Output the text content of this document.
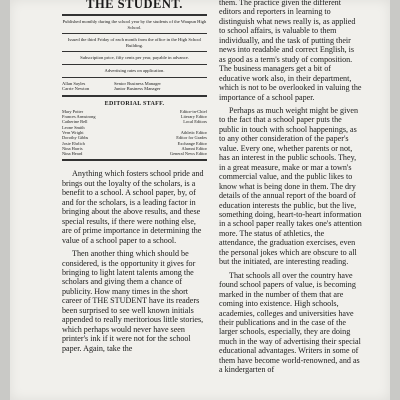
THE STUDENT.
Published monthly during the school year by the students of the Waupun High School.
Issued the third Friday of each month from the office in the High School Building.
Subscription price, fifty cents per year, payable in advance.
Advertising rates on application.
Allan Sayles	Senior Business Manager
Carrie Newton	Junior Business Manager
EDITORIAL STAFF.
Mary Potter	Editor-in-Chief
Frances Armstrong	Literary Editor
Catherine Bell	Local Editors
Leone Smith
Vern Wright	Athletic Editor
Dorothy Gibbs	Editor for Grades
Josie Ehrlich	Exchange Editor
Nina Harris	Alumni Editor
Nina Heard	General News Editor

Anything which fosters school pride and brings out the loyalty of the scholars, is a benefit to a school. A school paper, by, of and for the scholars, is a leading factor in bringing about the above results, and these special results, if there were nothing else, are of prime importance in determining the value of a school paper to a school.

Then another thing which should be considered, is the opportunity it gives for bringing to light latent talents among the scholars and giving them a chance of publicity. How many times in the short career of THE STUDENT have its readers been surprised to see well known initials appended to really meritorious little stories, which perhaps would never have seen printer's ink if it were not for the school paper. Again, take the

them. The practice given the different editors and reporters in learning to distinguish what news really is, as applied to school affairs, is valuable to them individually, and the task of putting their news into readable and correct English, is as good as a term's study of composition. The business managers get a bit of educative work also, in their department, which is not to be overlooked in valuing the importance of a school paper.

Perhaps as much weight might be given to the fact that a school paper puts the public in touch with school happenings, as to any other consideration of the paper's value. Every one, whether parents or not, has an interest in the public schools. They, in a great measure, make or mar a town's commercial value, and the public likes to know what is being done in them. The dry details of the annual report of the board of education interests the public, but the live, something doing, heart-to-heart information in a school paper really takes one's attention more. The status of athletics, the attendance, the graduation exercises, even the personal jokes which are obscure to all but the initiated, are interesting reading.

That schools all over the country have found school papers of value, is becoming marked in the number of them that are coming into existence. High schools, academies, colleges and universities have their publications and in the case of the larger schools, especially, they are doing much in the way of advertising their special educational advantages. Writers in some of them have become world-renowned, and as a kindergarten of
